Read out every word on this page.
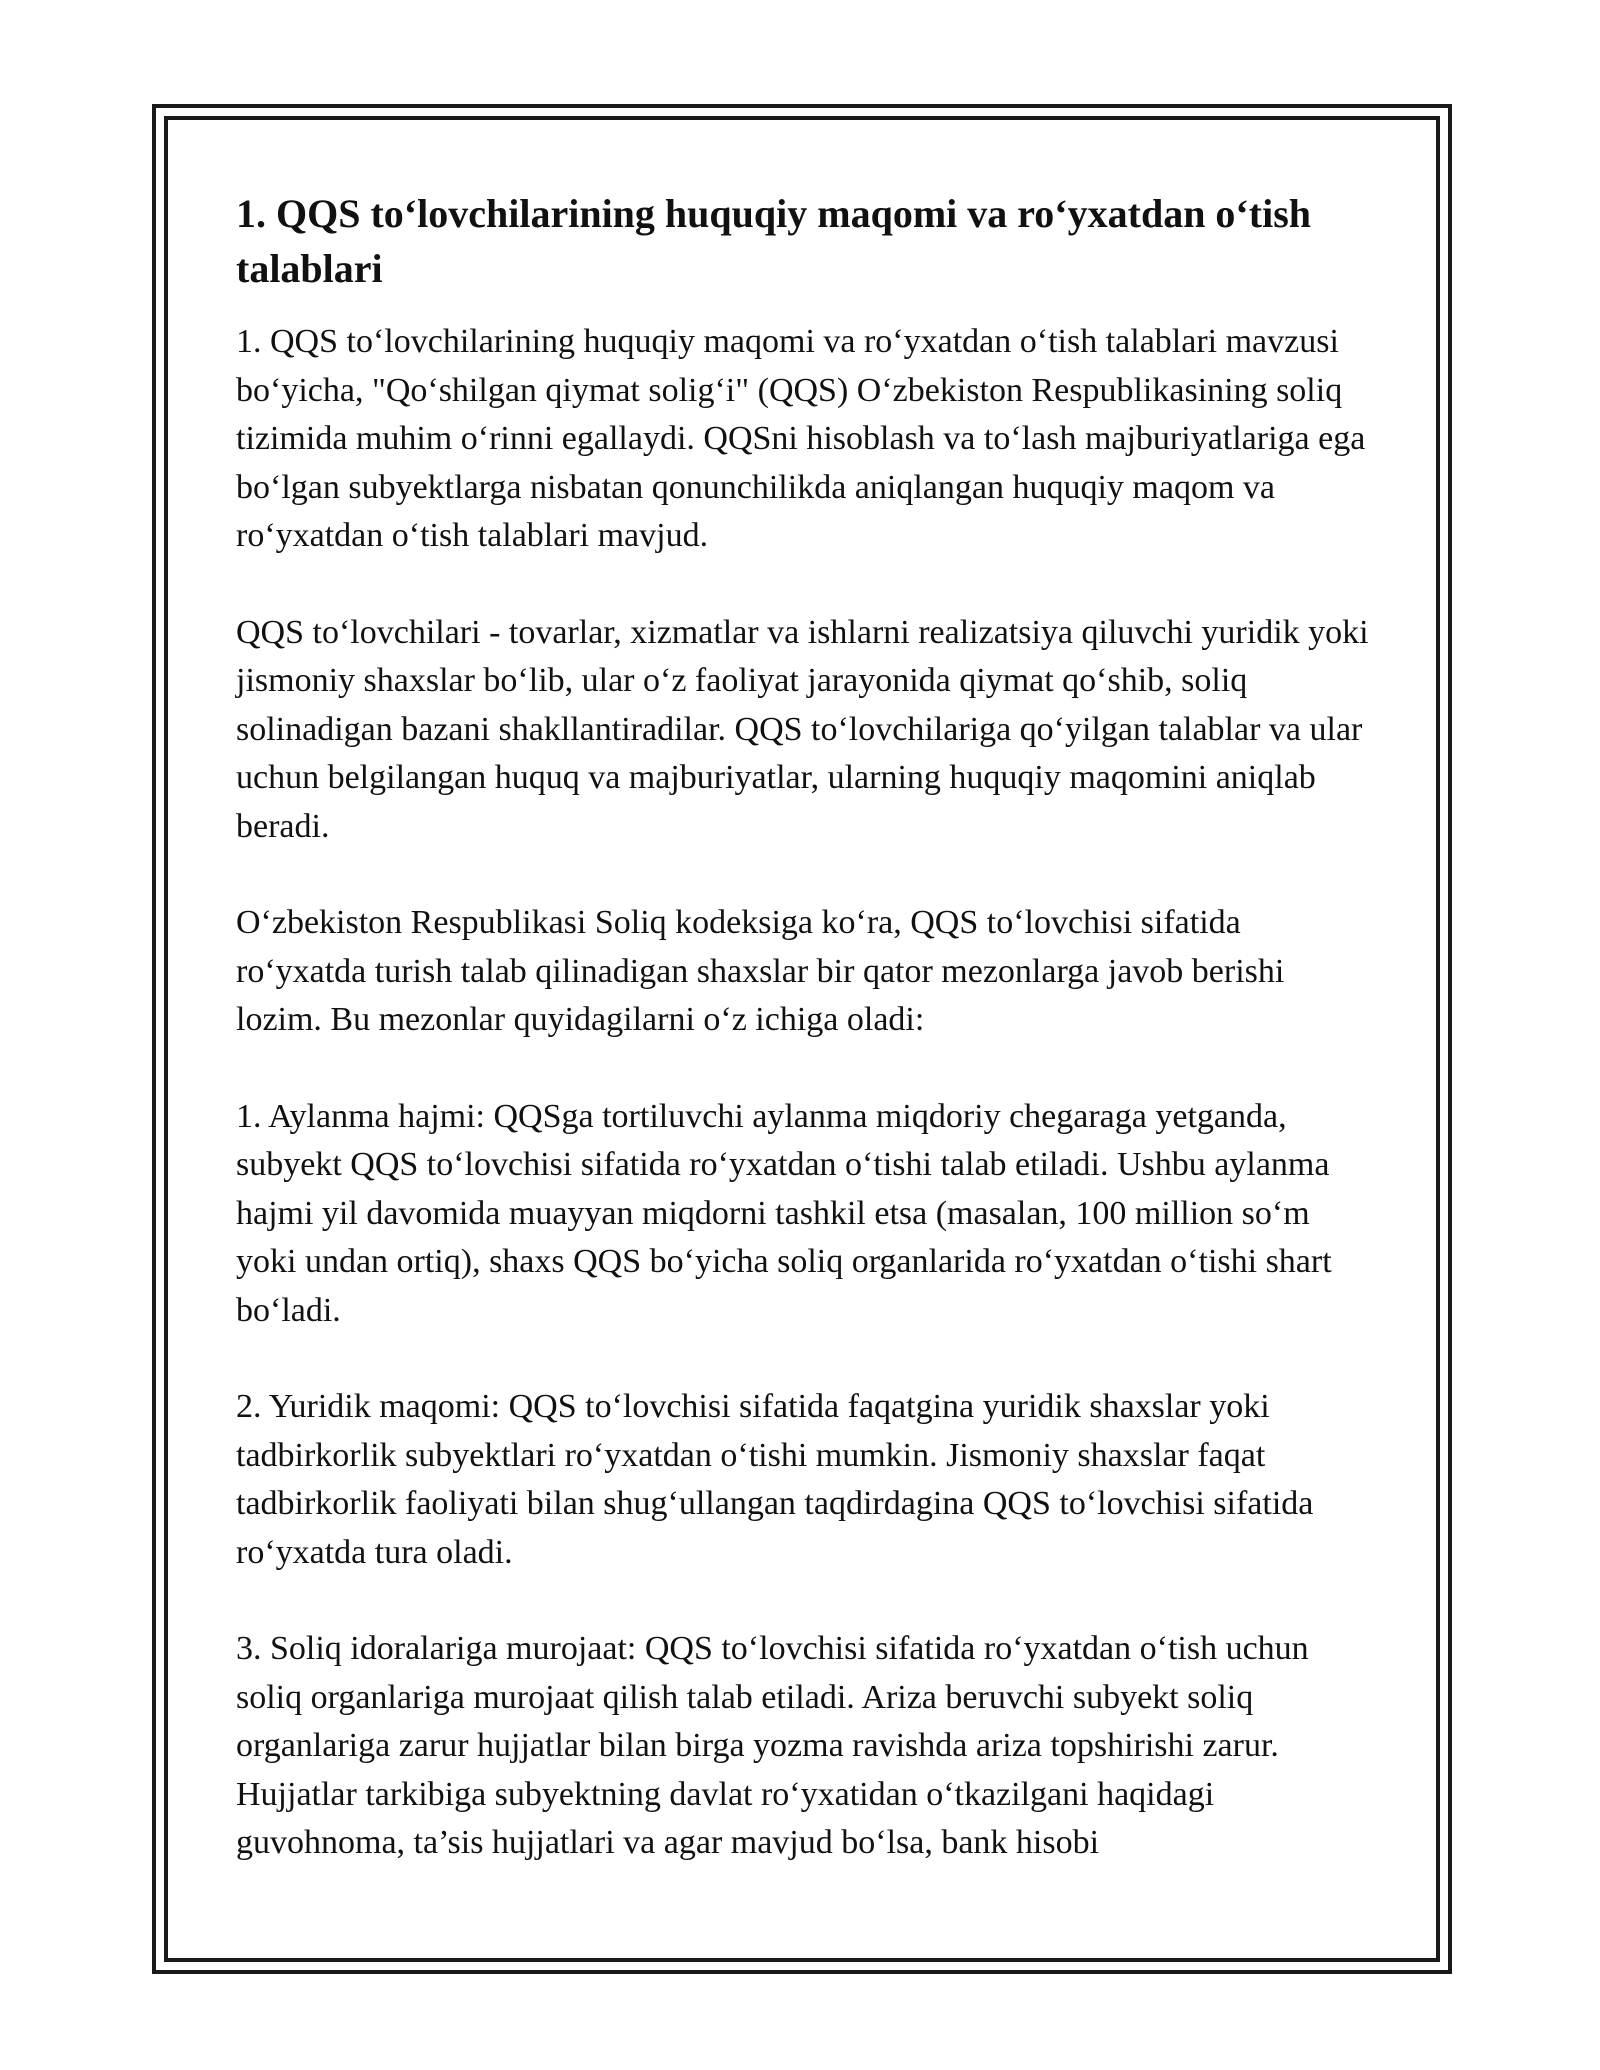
1. QQS to‘lovchilarining huquqiy maqomi va ro‘yxatdan o‘tish talablari

1. QQS to‘lovchilarining huquqiy maqomi va ro‘yxatdan o‘tish talablari mavzusi bo‘yicha, "Qo‘shilgan qiymat solig‘i" (QQS) O‘zbekiston Respublikasining soliq tizimida muhim o‘rinni egallaydi. QQSni hisoblash va to‘lash majburiyatlariga ega bo‘lgan subyektlarga nisbatan qonunchilikda aniqlangan huquqiy maqom va ro‘yxatdan o‘tish talablari mavjud.

QQS to‘lovchilari - tovarlar, xizmatlar va ishlarni realizatsiya qiluvchi yuridik yoki jismoniy shaxslar bo‘lib, ular o‘z faoliyat jarayonida qiymat qo‘shib, soliq solinadigan bazani shakllantiradilar. QQS to‘lovchilariga qo‘yilgan talablar va ular uchun belgilangan huquq va majburiyatlar, ularning huquqiy maqomini aniqlab beradi.

O‘zbekiston Respublikasi Soliq kodeksiga ko‘ra, QQS to‘lovchisi sifatida ro‘yxatda turish talab qilinadigan shaxslar bir qator mezonlarga javob berishi lozim. Bu mezonlar quyidagilarni o‘z ichiga oladi:

1. Aylanma hajmi: QQSga tortiluvchi aylanma miqdoriy chegaraga yetganda, subyekt QQS to‘lovchisi sifatida ro‘yxatdan o‘tishi talab etiladi. Ushbu aylanma hajmi yil davomida muayyan miqdorni tashkil etsa (masalan, 100 million so‘m yoki undan ortiq), shaxs QQS bo‘yicha soliq organlarida ro‘yxatdan o‘tishi shart bo‘ladi.

2. Yuridik maqomi: QQS to‘lovchisi sifatida faqatgina yuridik shaxslar yoki tadbirkorlik subyektlari ro‘yxatdan o‘tishi mumkin. Jismoniy shaxslar faqat tadbirkorlik faoliyati bilan shug‘ullangan taqdirdagina QQS to‘lovchisi sifatida ro‘yxatda tura oladi.

3. Soliq idoralariga murojaat: QQS to‘lovchisi sifatida ro‘yxatdan o‘tish uchun soliq organlariga murojaat qilish talab etiladi. Ariza beruvchi subyekt soliq organlariga zarur hujjatlar bilan birga yozma ravishda ariza topshirishi zarur. Hujjatlar tarkibiga subyektning davlat ro‘yxatidan o‘tkazilgani haqidagi guvohnoma, ta’sis hujjatlari va agar mavjud bo‘lsa, bank hisobi
